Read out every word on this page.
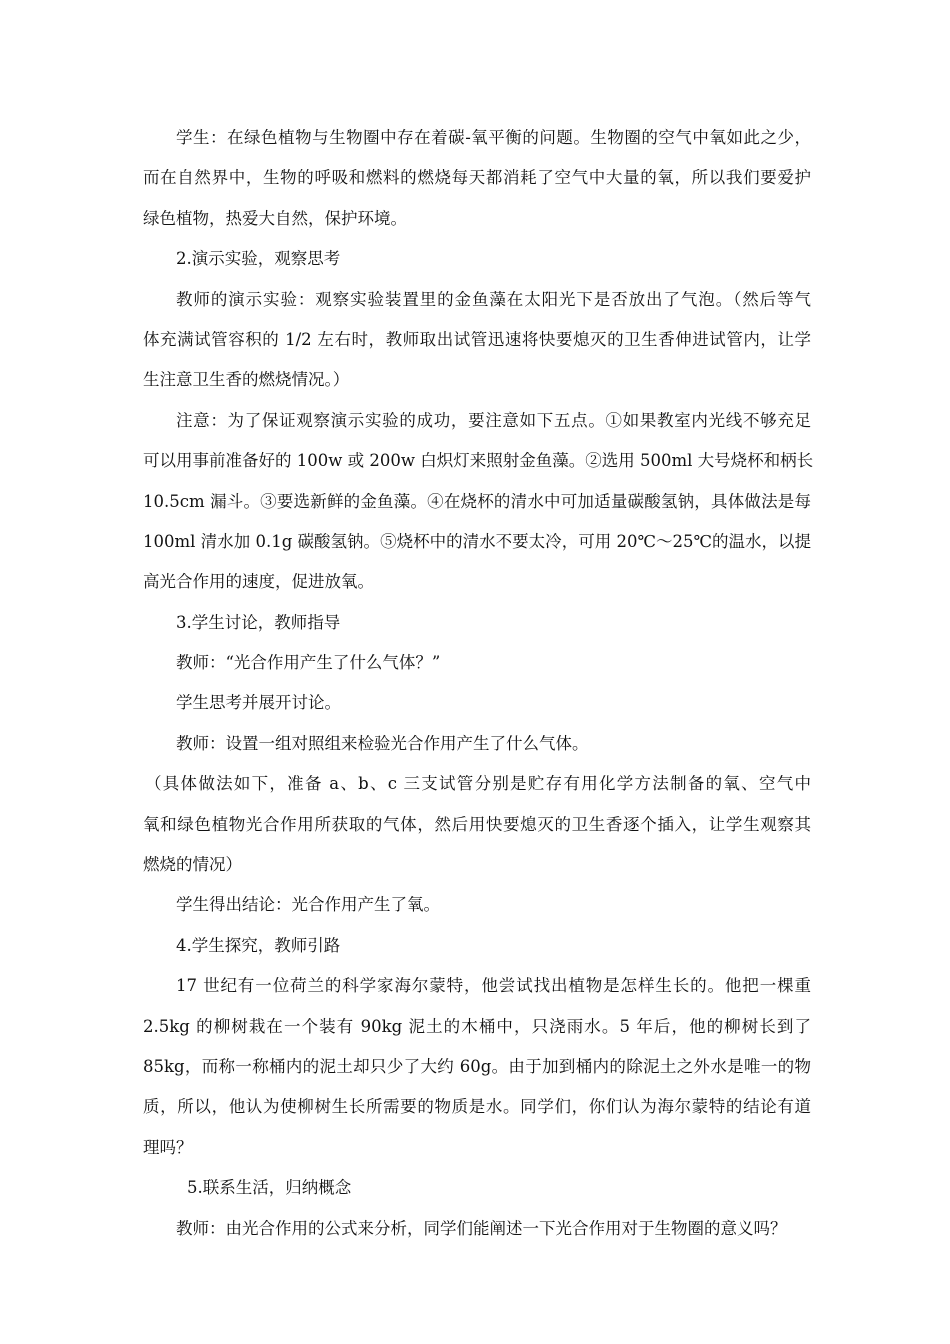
学生：在绿色植物与生物圈中存在着碳-氧平衡的问题。生物圈的空气中氧如此之少，
而在自然界中，生物的呼吸和燃料的燃烧每天都消耗了空气中大量的氧，所以我们要爱护
绿色植物，热爱大自然，保护环境。
2.演示实验，观察思考
教师的演示实验：观察实验装置里的金鱼藻在太阳光下是否放出了气泡。（然后等气
体充满试管容积的 1/2 左右时，教师取出试管迅速将快要熄灭的卫生香伸进试管内，让学
生注意卫生香的燃烧情况。）
注意：为了保证观察演示实验的成功，要注意如下五点。①如果教室内光线不够充足
可以用事前准备好的 100w 或 200w 白炽灯来照射金鱼藻。②选用 500ml 大号烧杯和柄长
10.5cm 漏斗。③要选新鲜的金鱼藻。④在烧杯的清水中可加适量碳酸氢钠，具体做法是每
100ml 清水加 0.1g 碳酸氢钠。⑤烧杯中的清水不要太冷，可用 20℃～25℃的温水，以提
高光合作用的速度，促进放氧。
3.学生讨论，教师指导
教师：“光合作用产生了什么气体？”
学生思考并展开讨论。
教师：设置一组对照组来检验光合作用产生了什么气体。
（具体做法如下，准备 a、b、c 三支试管分别是贮存有用化学方法制备的氧、空气中
氧和绿色植物光合作用所获取的气体，然后用快要熄灭的卫生香逐个插入，让学生观察其
燃烧的情况）
学生得出结论：光合作用产生了氧。
4.学生探究，教师引路
17 世纪有一位荷兰的科学家海尔蒙特，他尝试找出植物是怎样生长的。他把一棵重
2.5kg 的柳树栽在一个装有 90kg 泥土的木桶中，只浇雨水。5 年后，他的柳树长到了
85kg，而称一称桶内的泥土却只少了大约 60g。由于加到桶内的除泥土之外水是唯一的物
质，所以，他认为使柳树生长所需要的物质是水。同学们，你们认为海尔蒙特的结论有道
理吗？
5.联系生活，归纳概念
教师：由光合作用的公式来分析，同学们能阐述一下光合作用对于生物圈的意义吗？
